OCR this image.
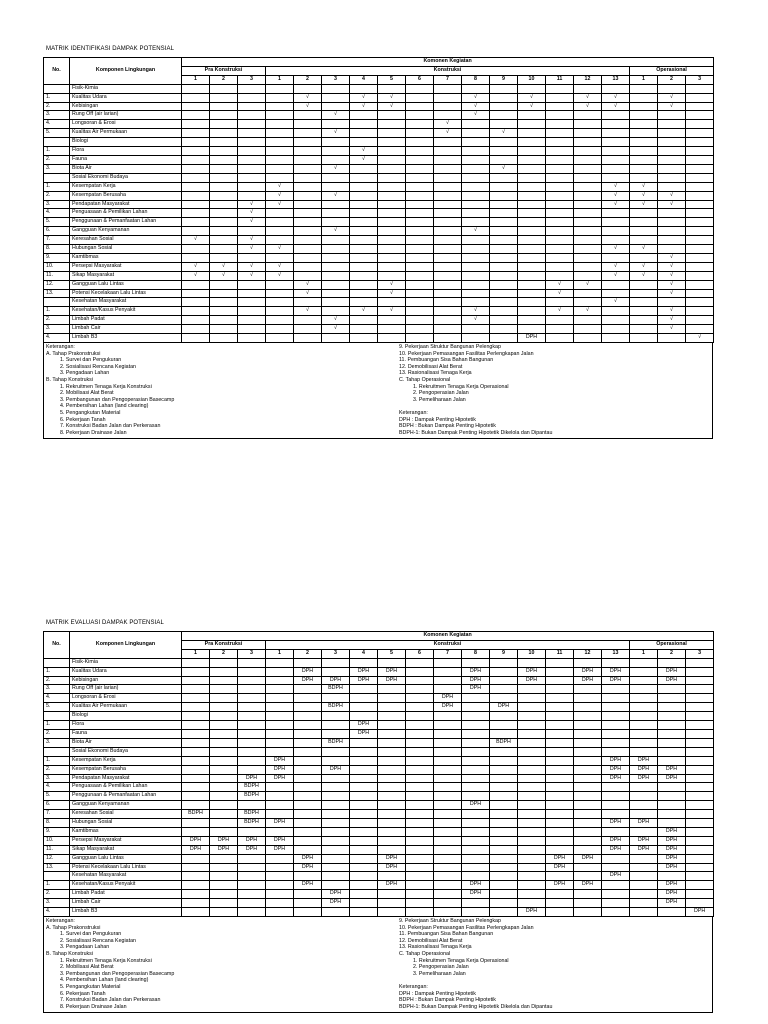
MATRIK IDENTIFIKASI DAMPAK POTENSIAL
No.	Komponen Lingkungan	Komonen Kegiatan																		
		Pra Konstruksi			Konstruksi													Operasional		
		1	2	3	1	2	3	4	5	6	7	8	9	10	11	12	13	1	2	3
	Fisik-Kimia																			
1.	Kualitas Udara					√		√	√			√		√		√	√		√	
2.	Kebisingan					√		√	√			√		√		√	√		√	
3.	Rung Off (air larian)						√					√								
4.	Longsoran & Erosi										√									
5.	Kualitas Air Permukaan						√				√		√							
	Biologi																			
1.	Flora							√												
2.	Fauna							√												
3.	Biota Air						√						√							
	Sosial Ekonomi Budaya																			
1.	Kesempatan Kerja				√												√	√		
2.	Kesempatan Berusaha				√		√										√	√	√	
3.	Pendapatan Masyarakat			√	√												√	√	√	
4.	Penguasaan & Pemilikan Lahan			√																
5.	Penggunaan & Pemanfaatan Lahan			√																
6.	Gangguan Kenyamanan						√					√								
7.	Keresahan Sosial	√		√																
8.	Hubungan Sosial			√	√												√	√		
9.	Kamtibmas																		√	
10.	Persepsi Masyarakat	√	√	√	√												√	√	√	
11.	Sikap Masyarakat	√	√	√	√												√	√	√	
12.	Gangguan Lalu Lintas					√			√						√	√			√	
13.	Potensi Kecelakaan Lalu Lintas					√			√						√				√	
	Kesehatan Masyarakat																√			
1.	Kesehatan/Kasus Penyakit					√		√	√			√			√	√			√	
2.	Limbah Padat						√					√							√	
3.	Limbah Cair						√												√	
4.	Limbah B3													DPH						√
Keterangan:
A. Tahap Prakonstruksi
1. Survei dan Pengukuran
2. Sosialisasi Rencana Kegiatan
3. Pengadaan Lahan
B. Tahap Konstruksi
1. Rekruitmen Tenaga Kerja Konstruksi
2. Mobilisasi Alat Berat
3. Pembangunan dan Pengoperasian Basecamp
4. Pembersihan Lahan (land clearing)
5. Pengangkutan Material
6. Pekerjaan Tanah
7. Konstruksi Badan Jalan dan Perkerasan
8. Pekerjaan Drainase Jalan
9. Pekerjaan Struktur Bangunan Pelengkap
10. Pekerjaan Pemasangan Fasilitas Perlengkapan Jalan
11. Pembuangan Sisa Bahan Bangunan
12. Demobilisasi Alat Berat
13. Rasionalisasi Tenaga Kerja
C. Tahap Operasional
1. Rekruitmen Tenaga Kerja Operasional
2. Pengoperasian Jalan
3. Pemeliharaan Jalan
Keterangan:
DPH : Dampak Penting Hipotetik
BDPH : Bukan Dampak Penting Hipotetik
BDPH-1: Bukan Dampak Penting Hipotetik Dikelola dan Dipantau
MATRIK EVALUASI DAMPAK POTENSIAL
No.	Komponen Lingkungan	Komonen Kegiatan																		
		Pra Konstruksi			Konstruksi													Operasional		
		1	2	3	1	2	3	4	5	6	7	8	9	10	11	12	13	1	2	3
	Fisik-Kimia																			
1.	Kualitas Udara					DPH		DPH	DPH			DPH		DPH		DPH	DPH		DPH	
2.	Kebisingan					DPH	DPH	DPH	DPH			DPH		DPH		DPH	DPH		DPH	
3.	Rung Off (air larian)						BDPH					DPH								
4.	Longsoran & Erosi										DPH									
5.	Kualitas Air Permukaan						BDPH				DPH		DPH							
	Biologi																			
1.	Flora							DPH												
2.	Fauna							DPH												
3.	Biota Air						BDPH						BDPH							
	Sosial Ekonomi Budaya																			
1.	Kesempatan Kerja				DPH												DPH	DPH		
2.	Kesempatan Berusaha				DPH		DPH										DPH	DPH	DPH	
3.	Pendapatan Masyarakat			DPH	DPH												DPH	DPH	DPH	
4.	Penguasaan & Pemilikan Lahan			BDPH																
5.	Penggunaan & Pemanfaatan Lahan			BDPH																
6.	Gangguan Kenyamanan											DPH								
7.	Keresahan Sosial	BDPH		BDPH																
8.	Hubungan Sosial			BDPH	DPH												DPH	DPH		
9.	Kamtibmas																		DPH	
10.	Persepsi Masyarakat	DPH	DPH	DPH	DPH												DPH	DPH	DPH	
11.	Sikap Masyarakat	DPH	DPH	DPH	DPH												DPH	DPH	DPH	
12.	Gangguan Lalu Lintas					DPH			DPH						DPH	DPH			DPH	
13.	Potensi Kecelakaan Lalu Lintas					DPH			DPH						DPH				DPH	
	Kesehatan Masyarakat																DPH			
1.	Kesehatan/Kasus Penyakit					DPH			DPH			DPH			DPH	DPH			DPH	
2.	Limbah Padat						DPH					DPH							DPH	
3.	Limbah Cair						DPH												DPH	
4.	Limbah B3													DPH						DPH
Keterangan:
A. Tahap Prakonstruksi
1. Survei dan Pengukuran
2. Sosialisasi Rencana Kegiatan
3. Pengadaan Lahan
B. Tahap Konstruksi
1. Rekruitmen Tenaga Kerja Konstruksi
2. Mobilisasi Alat Berat
3. Pembangunan dan Pengoperasian Basecamp
4. Pembersihan Lahan (land clearing)
5. Pengangkutan Material
6. Pekerjaan Tanah
7. Konstruksi Badan Jalan dan Perkerasan
8. Pekerjaan Drainase Jalan
9. Pekerjaan Struktur Bangunan Pelengkap
10. Pekerjaan Pemasangan Fasilitas Perlengkapan Jalan
11. Pembuangan Sisa Bahan Bangunan
12. Demobilisasi Alat Berat
13. Rasionalisasi Tenaga Kerja
C. Tahap Operasional
1. Rekruitmen Tenaga Kerja Operasional
2. Pengoperasian Jalan
3. Pemeliharaan Jalan
Keterangan:
DPH : Dampak Penting Hipotetik
BDPH : Bukan Dampak Penting Hipotetik
BDPH-1: Bukan Dampak Penting Hipotetik Dikelola dan Dipantau
